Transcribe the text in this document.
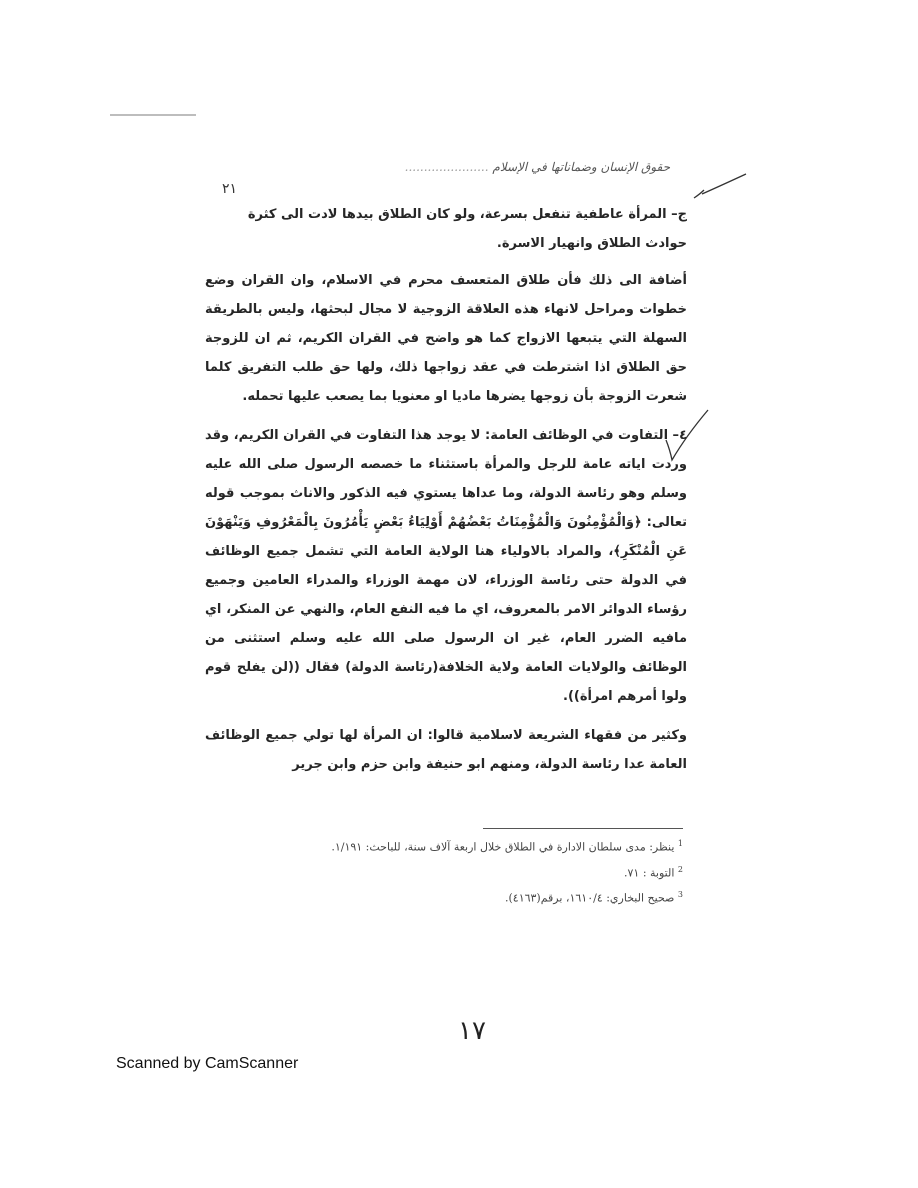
حقوق الإنسان وضماناتها في الإسلام ......................
٢١

ج– المرأة عاطفية تنفعل بسرعة، ولو كان الطلاق بيدها لادت الى كثرة
حوادث الطلاق وانهيار الاسرة.

أضافة الى ذلك فأن طلاق المتعسف محرم في الاسلام، وان القران وضع خطوات ومراحل لانهاء هذه العلاقة الزوجية لا مجال لبحثها، وليس بالطريقة السهلة التي يتبعها الازواج كما هو واضح في القران الكريم، ثم ان للزوجة حق الطلاق اذا اشترطت في عقد زواجها ذلك، ولها حق طلب التفريق كلما شعرت الزوجة بأن زوجها يضرها ماديا او معنويا بما يصعب عليها تحمله.

٤– التفاوت في الوظائف العامة: لا يوجد هذا التفاوت في القران الكريم، وقد وردت اياته عامة للرجل والمرأة باستثناء ما خصصه الرسول صلى الله عليه وسلم وهو رئاسة الدولة، وما عداها يستوي فيه الذكور والاناث بموجب قوله تعالى: ﴿وَالْمُؤْمِنُونَ وَالْمُؤْمِنَاتُ بَعْضُهُمْ أَوْلِيَاءُ بَعْضٍ يَأْمُرُونَ بِالْمَعْرُوفِ وَيَنْهَوْنَ عَنِ الْمُنْكَرِ﴾، والمراد بالاولياء هنا الولاية العامة التي تشمل جميع الوظائف في الدولة حتى رئاسة الوزراء، لان مهمة الوزراء والمدراء العامين وجميع رؤساء الدوائر الامر بالمعروف، اي ما فيه النفع العام، والنهي عن المنكر، اي مافيه الضرر العام، غير ان الرسول صلى الله عليه وسلم استثنى من الوظائف والولايات العامة ولاية الخلافة(رئاسة الدولة) فقال ((لن يفلح قوم ولوا أمرهم امرأة)).

وكثير من فقهاء الشريعة لاسلامية قالوا: ان المرأة لها تولي جميع الوظائف العامة عدا رئاسة الدولة، ومنهم ابو حنيفة وابن حزم وابن جرير

$^1$ ينظر: مدى سلطان الادارة في الطلاق خلال اربعة آلاف سنة، للباحث: ١/١٩١.
$^2$ التوبة : ٧١.
$^3$ صحيح البخاري: ١٦١٠/٤، برقم(٤١٦٣).
١٧
Scanned by CamScanner
